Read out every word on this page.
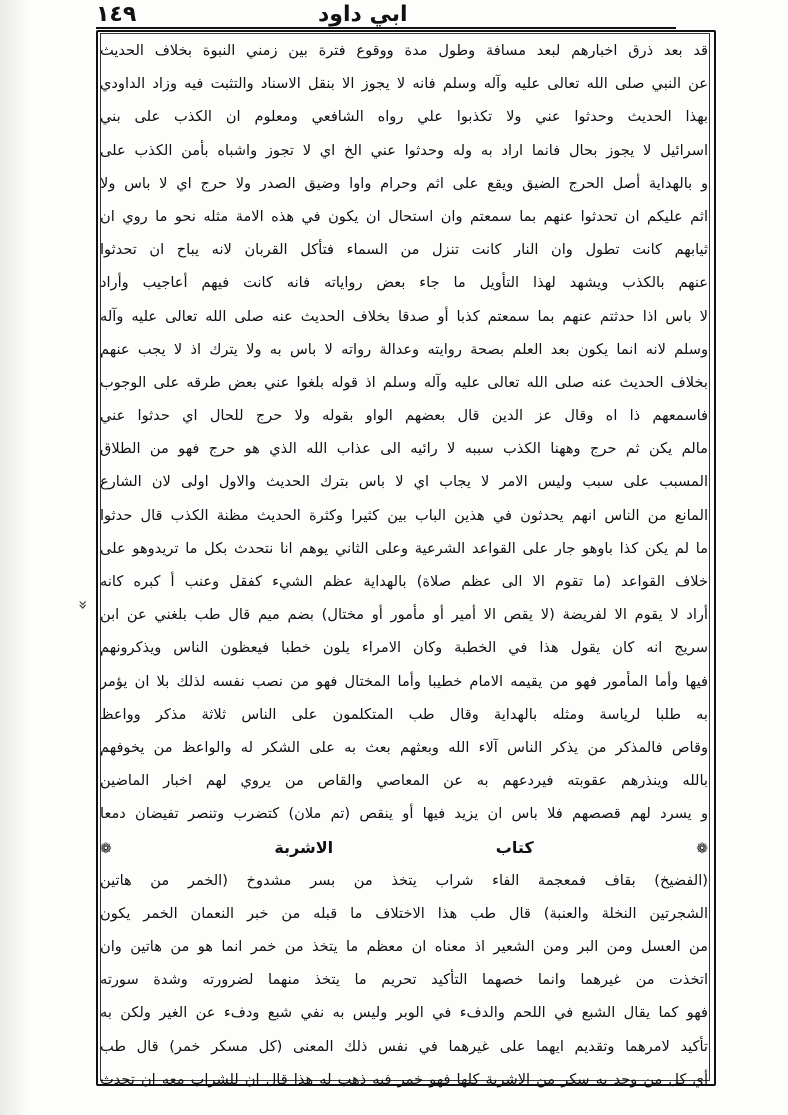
ابي داود
١٤٩
«
قد بعد ذرق اخبارهم لبعد مسافة وطول مدة ووقوع فترة بين زمني النبوة بخلاف الحديث
عن النبي صلى الله تعالى عليه وآله وسلم فانه لا يجوز الا بنقل الاسناد والتثبت فيه وزاد الداودي
بهذا الحديث وحدثوا عني ولا تكذبوا علي رواه الشافعي ومعلوم ان الكذب على بني
اسرائيل لا يجوز بحال فانما اراد به وله وحدثوا عني الخ اي لا تجوز واشباه بأمن الكذب على
و بالهداية أصل الحرج الضيق ويقع على اثم وحرام واوا وضيق الصدر ولا حرج اي لا باس ولا
اثم عليكم ان تحدثوا عنهم بما سمعتم وان استحال ان يكون في هذه الامة مثله نحو ما روي ان
ثيابهم كانت تطول وان النار كانت تنزل من السماء فتأكل القربان لانه يباح ان تحدثوا
عنهم بالكذب ويشهد لهذا التأويل ما جاء بعض رواياته فانه كانت فيهم أعاجيب وأراد
لا باس اذا حدثتم عنهم بما سمعتم كذبا أو صدقا بخلاف الحديث عنه صلى الله تعالى عليه وآله
وسلم لانه انما يكون بعد العلم بصحة روايته وعدالة رواته لا باس به ولا يترك اذ لا يجب عنهم
بخلاف الحديث عنه صلى الله تعالى عليه وآله وسلم اذ قوله بلغوا عني بعض طرقه على الوجوب
فاسمعهم ذا اه وقال عز الدين قال بعضهم الواو بقوله ولا حرج للحال اي حدثوا عني
مالم يكن ثم حرج وههنا الكذب سببه لا رائيه الى عذاب الله الذي هو حرج فهو من الطلاق
المسبب على سبب وليس الامر لا يجاب اي لا باس بترك الحديث والاول اولى لان الشارع
المانع من الناس انهم يحدثون في هذين الباب بين كثيرا وكثرة الحديث مظنة الكذب قال حدثوا
ما لم يكن كذا باوهو جار على القواعد الشرعية وعلى الثاني يوهم انا نتحدث بكل ما تريدوهو على
خلاف القواعد (ما تقوم الا الى عظم صلاة) بالهداية عظم الشيء كفقل وعنب أ كبره كانه
أراد لا يقوم الا لفريضة (لا يقص الا أمير أو مأمور أو مختال) بضم ميم قال طب بلغني عن ابن
سريج انه كان يقول هذا في الخطبة وكان الامراء يلون خطبا فيعظون الناس ويذكرونهم
فيها وأما المأمور فهو من يقيمه الامام خطيبا وأما المختال فهو من نصب نفسه لذلك بلا ان يؤمر
به طلبا لرياسة ومثله بالهداية وقال طب المتكلمون على الناس ثلاثة مذكر وواعظ
وقاص فالمذكر من يذكر الناس آلاء الله وبعثهم بعث به على الشكر له والواعظ من يخوفهم
بالله وينذرهم عقوبته فيردعهم به عن المعاصي والقاص من يروي لهم اخبار الماضين
و يسرد لهم قصصهم فلا باس ان يزيد فيها أو ينقص (تم ملان) كتضرب وتنصر تفيضان دمعا
❁ كتاب الاشربة ❁
(الفضيخ) بقاف فمعجمة الفاء شراب يتخذ من بسر مشدوخ (الخمر من هاتين
الشجرتين النخلة والعنبة) قال طب هذا الاختلاف ما قبله من خبر النعمان الخمر يكون
من العسل ومن البر ومن الشعير اذ معناه ان معظم ما يتخذ من خمر انما هو من هاتين وان
اتخذت من غيرهما وانما خصهما التأكيد تحريم ما يتخذ منهما لضرورته وشدة سورته
فهو كما يقال الشبع في اللحم والدفء في الوبر وليس به نفي شبع ودفء عن الغير ولكن به
تأكيد لامرهما وتقديم ايهما على غيرهما في نفس ذلك المعنى (كل مسكر خمر) قال طب
أي كل من وجد به سكر من الاشربة كلها فهو خمر فيه ذهب له هذا قال ان للشراب معه ان تحدث
